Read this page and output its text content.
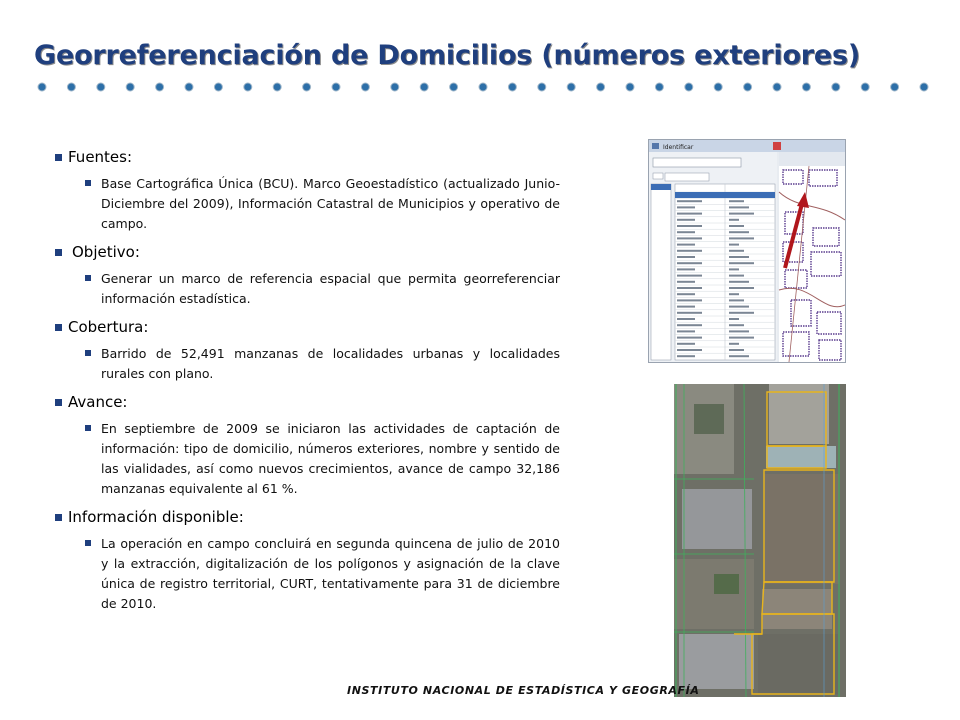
Georreferenciación de Domicilios (números exteriores)
Fuentes:

Base Cartográfica Única (BCU). Marco Geoestadístico (actualizado Junio-Diciembre del 2009), Información Catastral de Municipios y operativo de campo.

Objetivo:

Generar un marco de referencia espacial que permita georreferenciar información estadística.

Cobertura:

Barrido de 52,491 manzanas de localidades urbanas y localidades rurales con plano.

Avance:

En septiembre de 2009 se iniciaron las actividades de captación de información: tipo de domicilio, números exteriores, nombre y sentido de las vialidades, así como nuevos crecimientos, avance de campo 32,186 manzanas equivalente al 61 %.

Información disponible:

La operación en campo concluirá en segunda quincena de julio de 2010 y la extracción, digitalización de los polígonos y asignación de la clave única de registro territorial, CURT, tentativamente para 31 de diciembre de 2010.

Identificar
INSTITUTO NACIONAL DE ESTADÍSTICA Y GEOGRAFÍA
